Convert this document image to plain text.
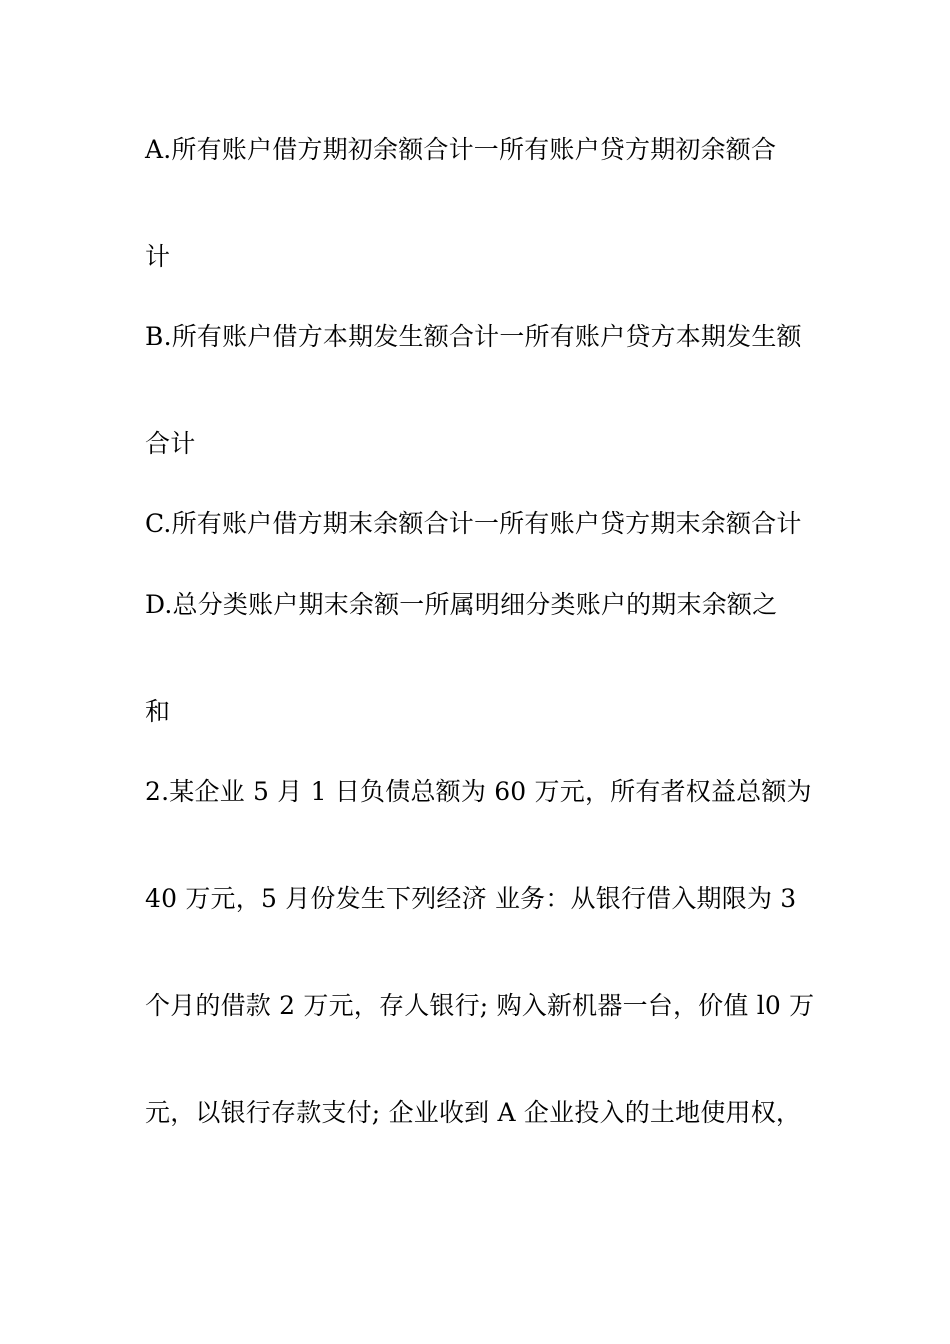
A.所有账户借方期初余额合计一所有账户贷方期初余额合
计
B.所有账户借方本期发生额合计一所有账户贷方本期发生额
合计
C.所有账户借方期末余额合计一所有账户贷方期末余额合计
D.总分类账户期末余额一所属明细分类账户的期末余额之
和
2.某企业 5 月 1 日负债总额为 60 万元，所有者权益总额为
40 万元，5 月份发生下列经济 业务：从银行借入期限为 3
个月的借款 2 万元，存人银行; 购入新机器一台，价值 l0 万
元，以银行存款支付; 企业收到 A 企业投入的土地使用权，
